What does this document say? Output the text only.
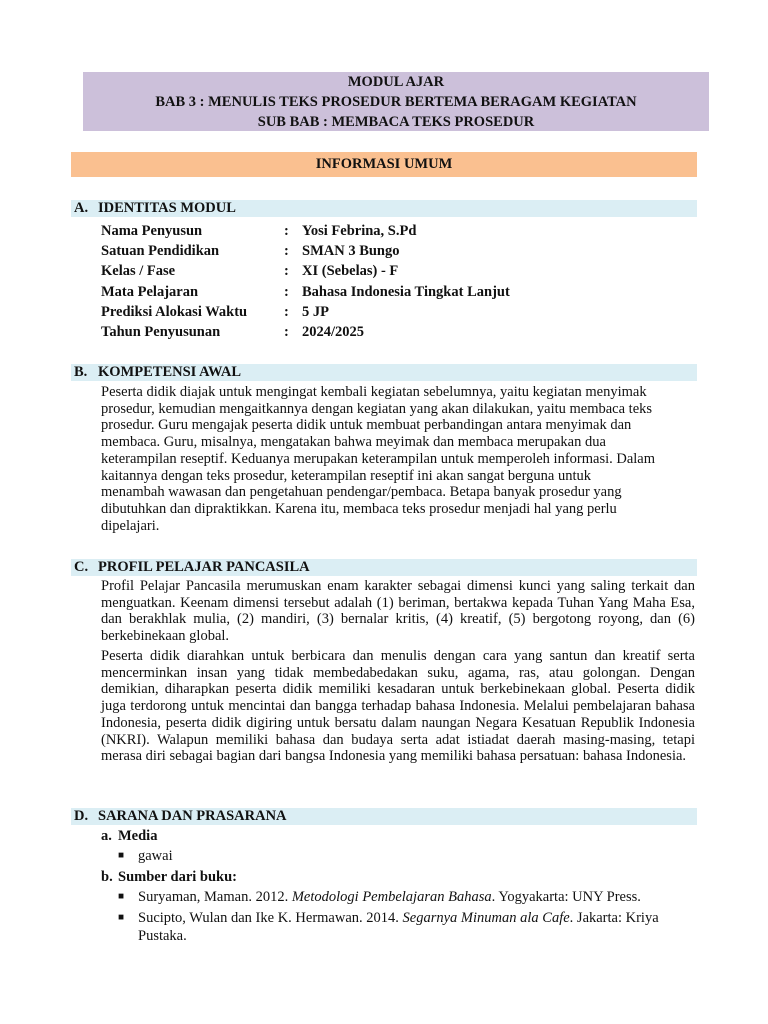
MODUL AJAR
BAB 3 : MENULIS TEKS PROSEDUR BERTEMA BERAGAM KEGIATAN
SUB BAB : MEMBACA TEKS PROSEDUR
INFORMASI UMUM
A. IDENTITAS MODUL
Nama Penyusun	: Yosi Febrina, S.Pd
Satuan Pendidikan	: SMAN 3 Bungo
Kelas / Fase	: XI (Sebelas) - F
Mata Pelajaran	: Bahasa Indonesia Tingkat Lanjut
Prediksi Alokasi Waktu	: 5 JP
Tahun Penyusunan	: 2024/2025
B. KOMPETENSI AWAL
Peserta didik diajak untuk mengingat kembali kegiatan sebelumnya, yaitu kegiatan menyimak
prosedur, kemudian mengaitkannya dengan kegiatan yang akan dilakukan, yaitu membaca teks
prosedur. Guru mengajak peserta didik untuk membuat perbandingan antara menyimak dan
membaca. Guru, misalnya, mengatakan bahwa meyimak dan membaca merupakan dua
keterampilan reseptif. Keduanya merupakan keterampilan untuk memperoleh informasi. Dalam
kaitannya dengan teks prosedur, keterampilan reseptif ini akan sangat berguna untuk
menambah wawasan dan pengetahuan pendengar/pembaca. Betapa banyak prosedur yang
dibutuhkan dan dipraktikkan. Karena itu, membaca teks prosedur menjadi hal yang perlu
dipelajari.
C. PROFIL PELAJAR PANCASILA
Profil Pelajar Pancasila merumuskan enam karakter sebagai dimensi kunci yang saling terkait dan menguatkan. Keenam dimensi tersebut adalah (1) beriman, bertakwa kepada Tuhan Yang Maha Esa, dan berakhlak mulia, (2) mandiri, (3) bernalar kritis, (4) kreatif, (5) bergotong royong, dan (6) berkebinekaan global.
Peserta didik diarahkan untuk berbicara dan menulis dengan cara yang santun dan kreatif serta mencerminkan insan yang tidak membedabedakan suku, agama, ras, atau golongan. Dengan demikian, diharapkan peserta didik memiliki kesadaran untuk berkebinekaan global. Peserta didik juga terdorong untuk mencintai dan bangga terhadap bahasa Indonesia. Melalui pembelajaran bahasa Indonesia, peserta didik digiring untuk bersatu dalam naungan Negara Kesatuan Republik Indonesia (NKRI). Walapun memiliki bahasa dan budaya serta adat istiadat daerah masing-masing, tetapi merasa diri sebagai bagian dari bangsa Indonesia yang memiliki bahasa persatuan: bahasa Indonesia.
D. SARANA DAN PRASARANA
a. Media
■ gawai
b. Sumber dari buku:
■ Suryaman, Maman. 2012. Metodologi Pembelajaran Bahasa. Yogyakarta: UNY Press.
■ Sucipto, Wulan dan Ike K. Hermawan. 2014. Segarnya Minuman ala Cafe. Jakarta: Kriya Pustaka.
